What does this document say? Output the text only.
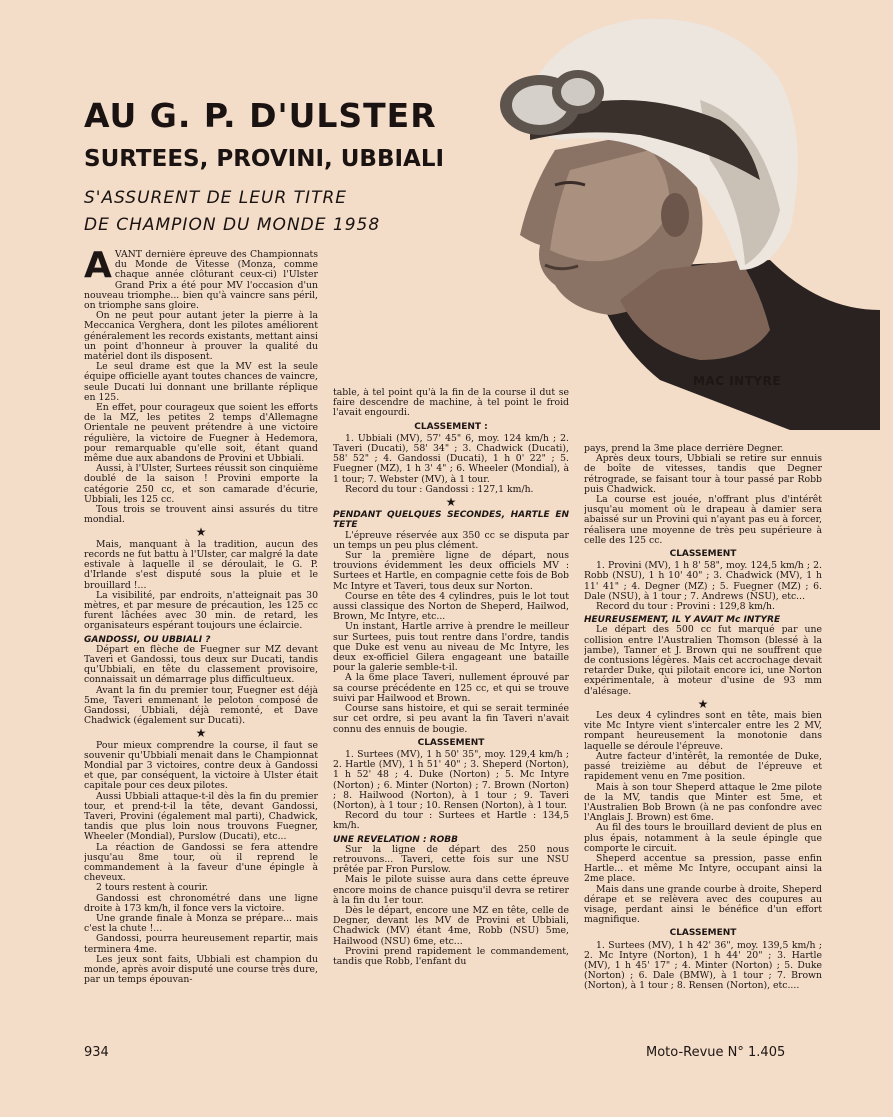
AU G. P. D'ULSTER
SURTEES, PROVINI, UBBIALI
S'ASSURENT DE LEUR TITRE
DE CHAMPION DU MONDE 1958
MAC INTYRE

AVANT dernière épreuve des Championnats du Monde de Vitesse (Monza, comme chaque année clôturant ceux-ci) l'Ulster Grand Prix a été pour MV l'occasion d'un nouveau triomphe... bien qu'à vaincre sans péril, on triomphe sans gloire.

On ne peut pour autant jeter la pierre à la Meccanica Verghera, dont les pilotes améliorent généralement les records existants, mettant ainsi un point d'honneur à prouver la qualité du matériel dont ils disposent.

Le seul drame est que la MV est la seule équipe officielle ayant toutes chances de vaincre, seule Ducati lui donnant une brillante réplique en 125.

En effet, pour courageux que soient les efforts de la MZ, les petites 2 temps d'Allemagne Orientale ne peuvent prétendre à une victoire régulière, la victoire de Fuegner à Hedemora, pour remarquable qu'elle soit, étant quand même due aux abandons de Provini et Ubbiali.

Aussi, à l'Ulster, Surtees réussit son cinquième doublé de la saison ! Provini emporte la catégorie 250 cc, et son camarade d'écurie, Ubbiali, les 125 cc.

Tous trois se trouvent ainsi assurés du titre mondial.

★

Mais, manquant à la tradition, aucun des records ne fut battu à l'Ulster, car malgré la date estivale à laquelle il se déroulait, le G. P. d'Irlande s'est disputé sous la pluie et le brouillard !...

La visibilité, par endroits, n'atteignait pas 30 mètres, et par mesure de précaution, les 125 cc furent lâchées avec 30 min. de retard, les organisateurs espérant toujours une éclaircie.

GANDOSSI, OU UBBIALI ?

Départ en flèche de Fuegner sur MZ devant Taveri et Gandossi, tous deux sur Ducati, tandis qu'Ubbiali, en tête du classement provisoire, connaissait un démarrage plus difficultueux.

Avant la fin du premier tour, Fuegner est déjà 5me, Taveri emmenant le peloton composé de Gandossi, Ubbiali, déjà remonté, et Dave Chadwick (également sur Ducati).

★

Pour mieux comprendre la course, il faut se souvenir qu'Ubbiali menait dans le Championnat Mondial par 3 victoires, contre deux à Gandossi et que, par conséquent, la victoire à Ulster était capitale pour ces deux pilotes.

Aussi Ubbiali attaque-t-il dès la fin du premier tour, et prend-t-il la tête, devant Gandossi, Taveri, Provini (également mal parti), Chadwick, tandis que plus loin nous trouvons Fuegner, Wheeler (Mondial), Purslow (Ducati), etc...

La réaction de Gandossi se fera attendre jusqu'au 8me tour, où il reprend le commandement à la faveur d'une épingle à cheveux.

2 tours restent à courir.

Gandossi est chronométré dans une ligne droite à 173 km/h, il fonce vers la victoire.

Une grande finale à Monza se prépare... mais c'est la chute !...

Gandossi, pourra heureusement repartir, mais terminera 4me.

Les jeux sont faits, Ubbiali est champion du monde, après avoir disputé une course très dure, par un temps épouvan-

table, à tel point qu'à la fin de la course il dut se faire descendre de machine, à tel point le froid l'avait engourdi.

CLASSEMENT :

1. Ubbiali (MV), 57' 45" 6, moy. 124 km/h ; 2. Taveri (Ducati), 58' 34" ; 3. Chadwick (Ducati), 58' 52" ; 4. Gandossi (Ducati), 1 h 0' 22" ; 5. Fuegner (MZ), 1 h 3' 4" ; 6. Wheeler (Mondial), à 1 tour; 7. Webster (MV), à 1 tour.

Record du tour : Gandossi : 127,1 km/h.

★

PENDANT QUELQUES SECONDES, HARTLE EN TETE

L'épreuve réservée aux 350 cc se disputa par un temps un peu plus clément.

Sur la première ligne de départ, nous trouvions évidemment les deux officiels MV : Surtees et Hartle, en compagnie cette fois de Bob Mc Intyre et Taveri, tous deux sur Norton.

Course en tête des 4 cylindres, puis le lot tout aussi classique des Norton de Sheperd, Hailwod, Brown, Mc Intyre, etc...

Un instant, Hartle arrive à prendre le meilleur sur Surtees, puis tout rentre dans l'ordre, tandis que Duke est venu au niveau de Mc Intyre, les deux ex-officiel Gilera engageant une bataille pour la galerie semble-t-il.

A la 6me place Taveri, nullement éprouvé par sa course précédente en 125 cc, et qui se trouve suivi par Hailwood et Brown.

Course sans histoire, et qui se serait terminée sur cet ordre, si peu avant la fin Taveri n'avait connu des ennuis de bougie.

CLASSEMENT

1. Surtees (MV), 1 h 50' 35", moy. 129,4 km/h ; 2. Hartle (MV), 1 h 51' 40" ; 3. Sheperd (Norton), 1 h 52' 48 ; 4. Duke (Norton) ; 5. Mc Intyre (Norton) ; 6. Minter (Norton) ; 7. Brown (Norton) ; 8. Hailwood (Norton), à 1 tour ; 9. Taveri (Norton), à 1 tour ; 10. Rensen (Norton), à 1 tour.

Record du tour : Surtees et Hartle : 134,5 km/h.

UNE REVELATION : ROBB

Sur la ligne de départ des 250 nous retrouvons... Taveri, cette fois sur une NSU prêtée par Fron Purslow.

Mais le pilote suisse aura dans cette épreuve encore moins de chance puisqu'il devra se retirer à la fin du 1er tour.

Dès le départ, encore une MZ en tête, celle de Degner, devant les MV de Provini et Ubbiali, Chadwick (MV) étant 4me, Robb (NSU) 5me, Hailwood (NSU) 6me, etc...

Provini prend rapidement le commandement, tandis que Robb, l'enfant du

pays, prend la 3me place derrière Degner.

Après deux tours, Ubbiali se retire sur ennuis de boîte de vitesses, tandis que Degner rétrograde, se faisant tour à tour passé par Robb puis Chadwick.

La course est jouée, n'offrant plus d'intérêt jusqu'au moment où le drapeau à damier sera abaissé sur un Provini qui n'ayant pas eu à forcer, réalisera une moyenne de très peu supérieure à celle des 125 cc.

CLASSEMENT

1. Provini (MV), 1 h 8' 58", moy. 124,5 km/h ; 2. Robb (NSU), 1 h 10' 40" ; 3. Chadwick (MV), 1 h 11' 41" ; 4. Degner (MZ) ; 5. Fuegner (MZ) ; 6. Dale (NSU), à 1 tour ; 7. Andrews (NSU), etc...

Record du tour : Provini : 129,8 km/h.

HEUREUSEMENT, IL Y AVAIT Mc INTYRE

Le départ des 500 cc fut marqué par une collision entre l'Australien Thomson (blessé à la jambe), Tanner et J. Brown qui ne souffrent que de contusions légères. Mais cet accrochage devait retarder Duke, qui pilotait encore ici, une Norton expérimentale, à moteur d'usine de 93 mm d'alésage.

★

Les deux 4 cylindres sont en tête, mais bien vite Mc Intyre vient s'intercaler entre les 2 MV, rompant heureusement la monotonie dans laquelle se déroule l'épreuve.

Autre facteur d'intérêt, la remontée de Duke, passé treizième au début de l'épreuve et rapidement venu en 7me position.

Mais à son tour Sheperd attaque le 2me pilote de la MV, tandis que Minter est 5me, et l'Australien Bob Brown (à ne pas confondre avec l'Anglais J. Brown) est 6me.

Au fil des tours le brouillard devient de plus en plus épais, notamment à la seule épingle que comporte le circuit.

Sheperd accentue sa pression, passe enfin Hartle... et même Mc Intyre, occupant ainsi la 2me place.

Mais dans une grande courbe à droite, Sheperd dérape et se relèvera avec des coupures au visage, perdant ainsi le bénéfice d'un effort magnifique.

CLASSEMENT

1. Surtees (MV), 1 h 42' 36", moy. 139,5 km/h ; 2. Mc Intyre (Norton), 1 h 44' 20" ; 3. Hartle (MV), 1 h 45' 17" ; 4. Minter (Norton) ; 5. Duke (Norton) ; 6. Dale (BMW), à 1 tour ; 7. Brown (Norton), à 1 tour ; 8. Rensen (Norton), etc....

934	Moto-Revue N° 1.405
